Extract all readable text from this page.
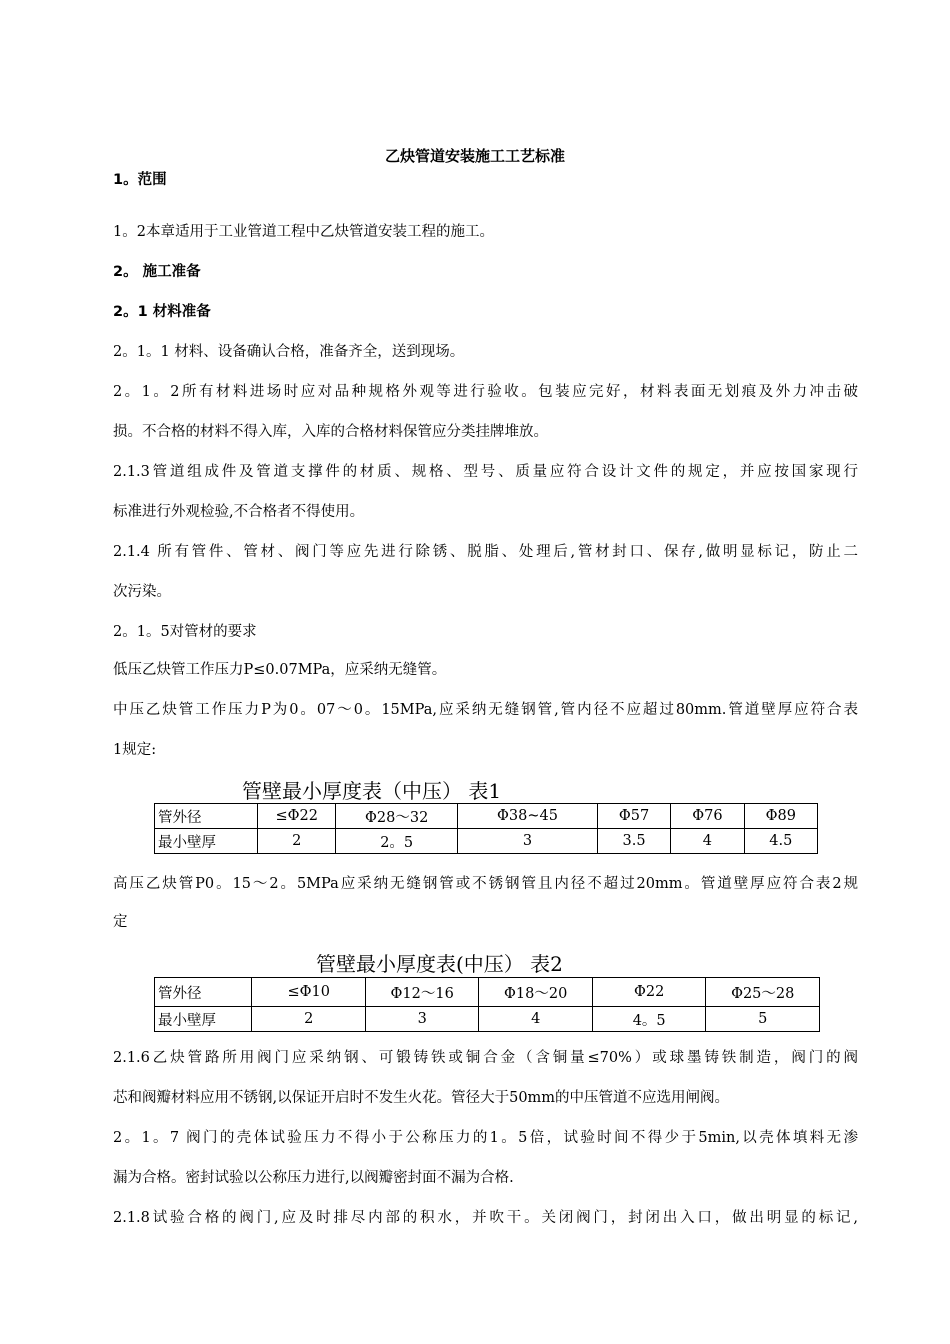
乙炔管道安装施工工艺标准
1。范围
1。2本章适用于工业管道工程中乙炔管道安装工程的施工。
2。 施工准备
2。1 材料准备
2。1。1 材料、设备确认合格，准备齐全，送到现场。
2。1。2所有材料进场时应对品种规格外观等进行验收。包装应完好，材料表面无划痕及外力冲击破
损。不合格的材料不得入库，入库的合格材料保管应分类挂牌堆放。
2.1.3管道组成件及管道支撑件的材质、规格、型号、质量应符合设计文件的规定，并应按国家现行
标准进行外观检验,不合格者不得使用。
2.1.4 所有管件、管材、阀门等应先进行除锈、脱脂、处理后,管材封口、保存,做明显标记，防止二
次污染。
2。1。5对管材的要求
低压乙炔管工作压力P≤0.07MPa，应采纳无缝管。
中压乙炔管工作压力P为0。07～0。15MPa,应采纳无缝钢管,管内径不应超过80mm.管道壁厚应符合表
1规定:
管壁最小厚度表（中压） 表1
管外径	≤Φ22	Φ28～32	Φ38~45	Φ57	Φ76	Φ89
最小壁厚	2	2。5	3	3.5	4	4.5
高压乙炔管P0。15～2。5MPa应采纳无缝钢管或不锈钢管且内径不超过20mm。管道壁厚应符合表2规
定
管壁最小厚度表(中压） 表2
管外径	≤Φ10	Φ12～16	Φ18～20	Φ22	Φ25～28
最小壁厚	2	3	4	4。5	5
2.1.6乙炔管路所用阀门应采纳钢、可锻铸铁或铜合金（含铜量≤70%）或球墨铸铁制造，阀门的阀
芯和阀瓣材料应用不锈钢,以保证开启时不发生火花。管径大于50mm的中压管道不应选用闸阀。
2。1。7 阀门的壳体试验压力不得小于公称压力的1。5倍，试验时间不得少于5min,以壳体填料无渗
漏为合格。密封试验以公称压力进行,以阀瓣密封面不漏为合格.
2.1.8试验合格的阀门,应及时排尽内部的积水，并吹干。关闭阀门，封闭出入口，做出明显的标记,
